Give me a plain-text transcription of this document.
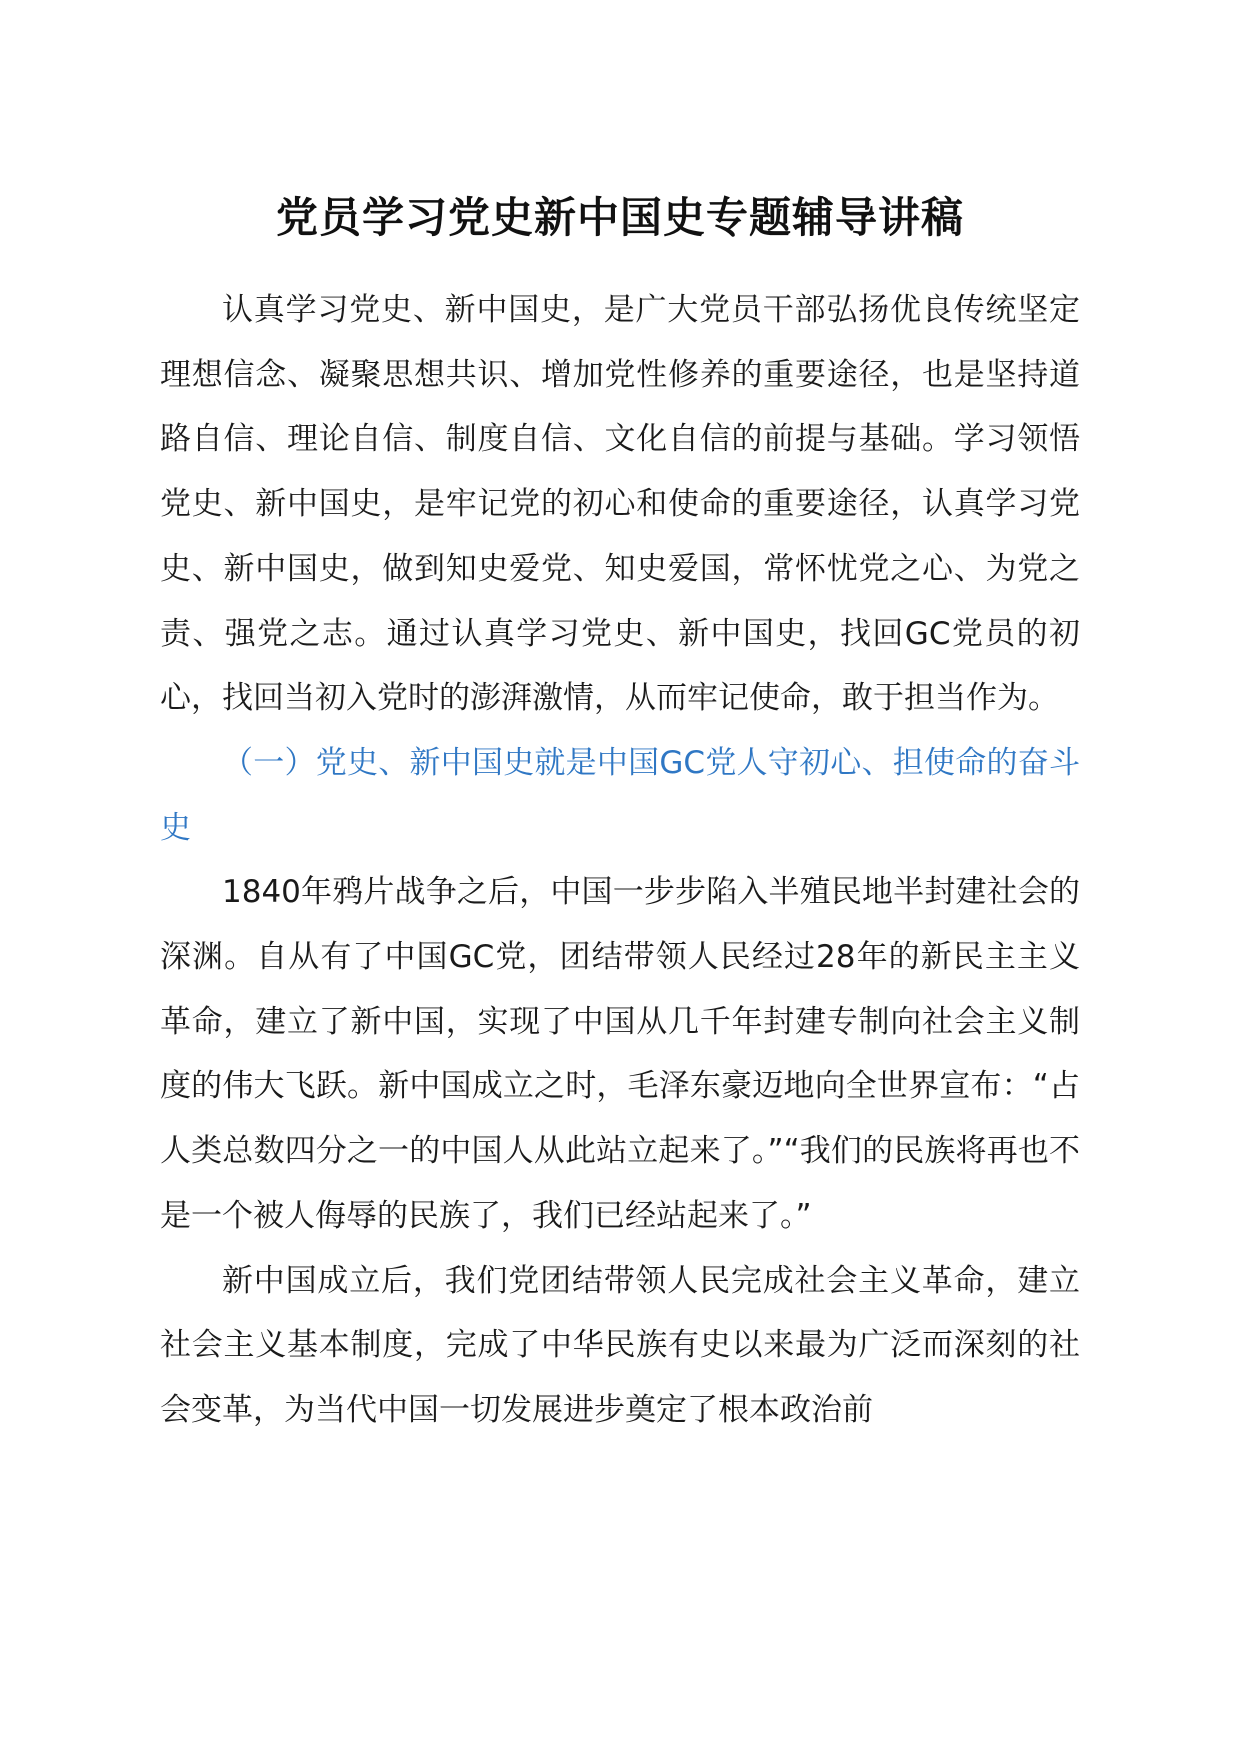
党员学习党史新中国史专题辅导讲稿

认真学习党史、新中国史，是广大党员干部弘扬优良传统坚定理想信念、凝聚思想共识、增加党性修养的重要途径，也是坚持道路自信、理论自信、制度自信、文化自信的前提与基础。学习领悟党史、新中国史，是牢记党的初心和使命的重要途径，认真学习党史、新中国史，做到知史爱党、知史爱国，常怀忧党之心、为党之责、强党之志。通过认真学习党史、新中国史，找回GC党员的初心，找回当初入党时的澎湃激情，从而牢记使命，敢于担当作为。

（一）党史、新中国史就是中国GC党人守初心、担使命的奋斗史

1840年鸦片战争之后，中国一步步陷入半殖民地半封建社会的深渊。自从有了中国GC党，团结带领人民经过28年的新民主主义革命，建立了新中国，实现了中国从几千年封建专制向社会主义制度的伟大飞跃。新中国成立之时，毛泽东豪迈地向全世界宣布：“占人类总数四分之一的中国人从此站立起来了。”“我们的民族将再也不是一个被人侮辱的民族了，我们已经站起来了。”

新中国成立后，我们党团结带领人民完成社会主义革命，建立社会主义基本制度，完成了中华民族有史以来最为广泛而深刻的社会变革，为当代中国一切发展进步奠定了根本政治前
